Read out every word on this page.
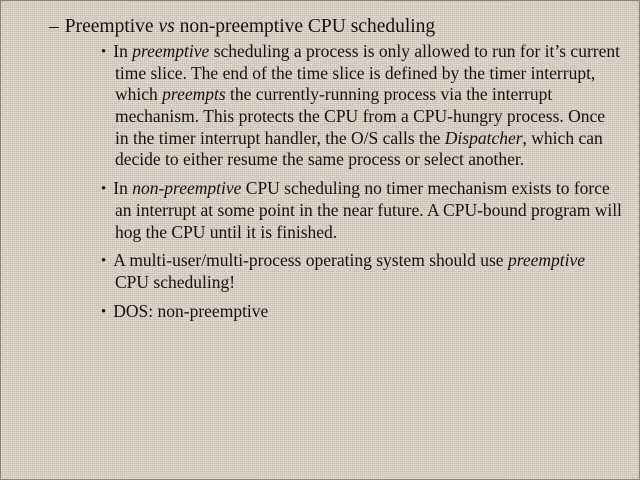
– Preemptive vs non-preemptive CPU scheduling
• In preemptive scheduling a process is only allowed to run for it’s current time slice. The end of the time slice is defined by the timer interrupt, which preempts the currently-running process via the interrupt mechanism. This protects the CPU from a CPU-hungry process. Once in the timer interrupt handler, the O/S calls the Dispatcher, which can decide to either resume the same process or select another.
• In non-preemptive CPU scheduling no timer mechanism exists to force an interrupt at some point in the near future. A CPU-bound program will hog the CPU until it is finished.
• A multi-user/multi-process operating system should use preemptive CPU scheduling!
• DOS: non-preemptive
